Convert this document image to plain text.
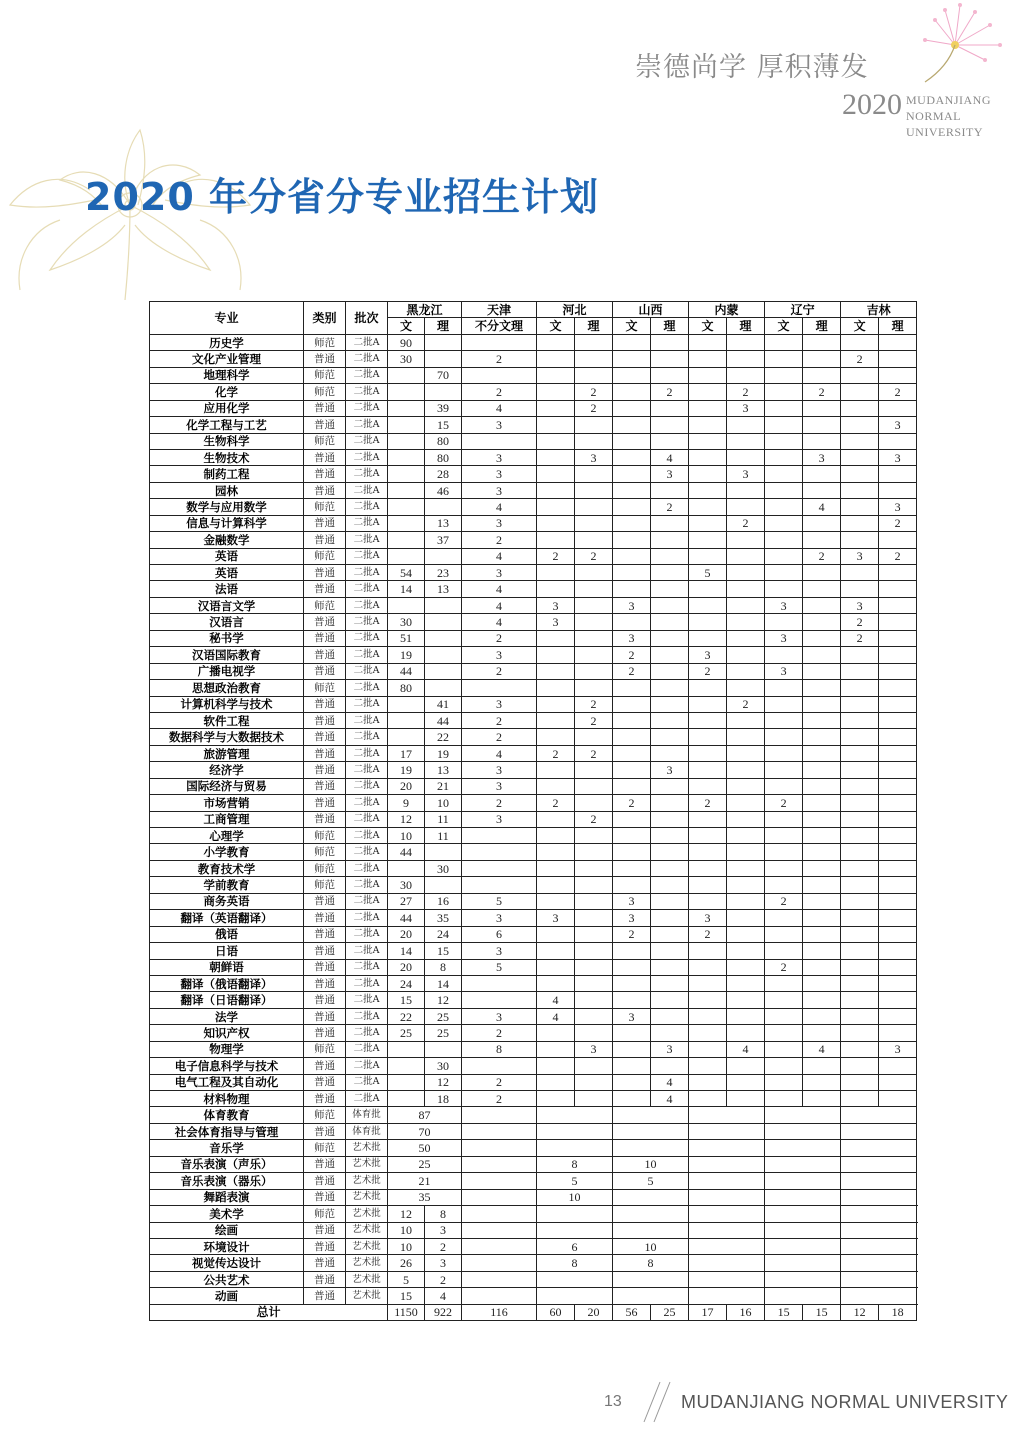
崇德尚学 厚积薄发
2020 MUDANJIANG
NORMAL
UNIVERSITY
2020 年分省分专业招生计划
专业	类别	批次	黑龙江		天津	河北		山西		内蒙		辽宁		吉林		
			文	理	不分文理	文	理	文	理	文	理	文	理	文	理	
历史学	师范	二批A	90													
文化产业管理	普通	二批A	30		2									2		
地理科学	师范	二批A		70												
化学	师范	二批A			2		2		2		2		2		2	
应用化学	普通	二批A		39	4		2				3					
化学工程与工艺	普通	二批A		15	3										3	
生物科学	师范	二批A		80												
生物技术	普通	二批A		80	3		3		4				3		3	
制药工程	普通	二批A		28	3				3		3					
园林	普通	二批A		46	3											
数学与应用数学	师范	二批A			4				2				4		3	
信息与计算科学	普通	二批A		13	3						2				2	
金融数学	普通	二批A		37	2											
英语	师范	二批A			4	2	2						2	3	2	
英语	普通	二批A	54	23	3					5						
法语	普通	二批A	14	13	4											
汉语言文学	师范	二批A			4	3		3				3		3		
汉语言	普通	二批A	30		4	3								2		
秘书学	普通	二批A	51		2			3				3		2		
汉语国际教育	普通	二批A	19		3			2		3						
广播电视学	普通	二批A	44		2			2		2		3				
思想政治教育	师范	二批A	80													
计算机科学与技术	普通	二批A		41	3		2				2					
软件工程	普通	二批A		44	2		2									
数据科学与大数据技术	普通	二批A		22	2											
旅游管理	普通	二批A	17	19	4	2	2									
经济学	普通	二批A	19	13	3				3							
国际经济与贸易	普通	二批A	20	21	3											
市场营销	普通	二批A	9	10	2	2		2		2		2				
工商管理	普通	二批A	12	11	3		2									
心理学	师范	二批A	10	11												
小学教育	师范	二批A	44													
教育技术学	师范	二批A		30												
学前教育	师范	二批A	30													
商务英语	普通	二批A	27	16	5			3				2				
翻译（英语翻译）	普通	二批A	44	35	3	3		3		3						
俄语	普通	二批A	20	24	6			2		2						
日语	普通	二批A	14	15	3											
朝鲜语	普通	二批A	20	8	5							2				
翻译（俄语翻译）	普通	二批A	24	14												
翻译（日语翻译）	普通	二批A	15	12		4										
法学	普通	二批A	22	25	3	4		3								
知识产权	普通	二批A	25	25	2											
物理学	师范	二批A			8		3		3		4		4		3	
电子信息科学与技术	普通	二批A		30												
电气工程及其自动化	普通	二批A		12	2				4							
材料物理	普通	二批A		18	2				4							
体育教育	师范	体育批	87													
社会体育指导与管理	普通	体育批	70													
音乐学	师范	艺术批	50													
音乐表演（声乐）	普通	艺术批	25			8		10								
音乐表演（器乐）	普通	艺术批	21			5		5								
舞蹈表演	普通	艺术批	35			10										
美术学	师范	艺术批	12	8												
绘画	普通	艺术批	10	3												
环境设计	普通	艺术批	10	2		6		10								
视觉传达设计	普通	艺术批	26	3		8		8								
公共艺术	普通	艺术批	5	2												
动画	普通	艺术批	15	4												
总计			1150	922	116	60	20	56	25	17	16	15	15	12	18	
13	MUDANJIANG NORMAL UNIVERSITY
